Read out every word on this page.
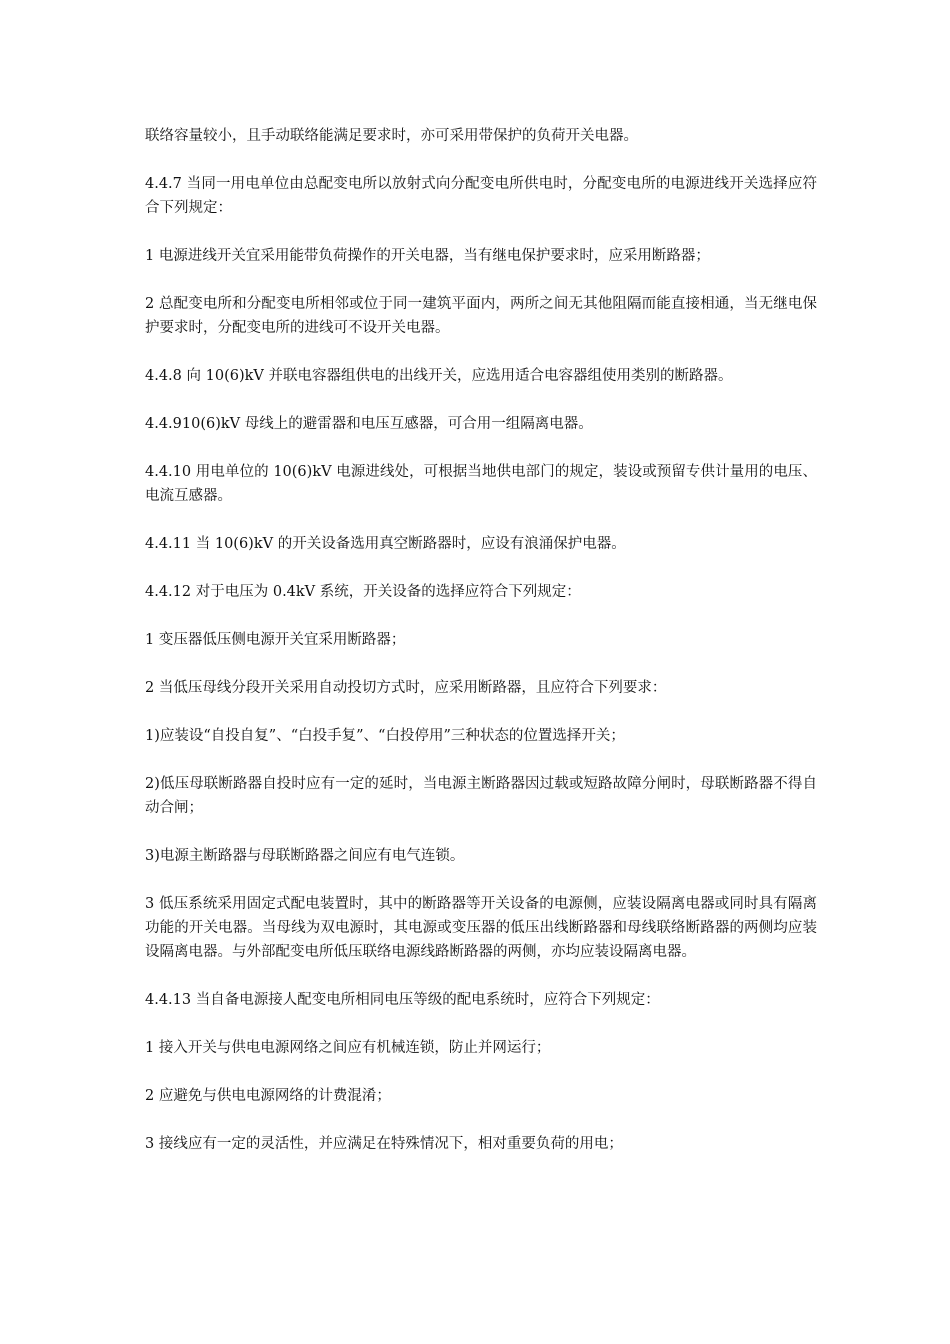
联络容量较小，且手动联络能满足要求时，亦可采用带保护的负荷开关电器。

4.4.7 当同一用电单位由总配变电所以放射式向分配变电所供电时，分配变电所的电源进线开关选择应符合下列规定：

1 电源进线开关宜采用能带负荷操作的开关电器，当有继电保护要求时，应采用断路器；

2 总配变电所和分配变电所相邻或位于同一建筑平面内，两所之间无其他阻隔而能直接相通，当无继电保护要求时，分配变电所的进线可不设开关电器。

4.4.8 向 10(6)kV 并联电容器组供电的出线开关，应选用适合电容器组使用类别的断路器。

4.4.910(6)kV 母线上的避雷器和电压互感器，可合用一组隔离电器。

4.4.10 用电单位的 10(6)kV 电源进线处，可根据当地供电部门的规定，装设或预留专供计量用的电压、电流互感器。

4.4.11 当 10(6)kV 的开关设备选用真空断路器时，应设有浪涌保护电器。

4.4.12 对于电压为 0.4kV 系统，开关设备的选择应符合下列规定：

1 变压器低压侧电源开关宜采用断路器；

2 当低压母线分段开关采用自动投切方式时，应采用断路器，且应符合下列要求：

1)应装设“自投自复”、“白投手复”、“白投停用”三种状态的位置选择开关；

2)低压母联断路器自投时应有一定的延时，当电源主断路器因过载或短路故障分闸时，母联断路器不得自动合闸；

3)电源主断路器与母联断路器之间应有电气连锁。

3 低压系统采用固定式配电装置时，其中的断路器等开关设备的电源侧，应装设隔离电器或同时具有隔离功能的开关电器。当母线为双电源时，其电源或变压器的低压出线断路器和母线联络断路器的两侧均应装设隔离电器。与外部配变电所低压联络电源线路断路器的两侧，亦均应装设隔离电器。

4.4.13 当自备电源接人配变电所相同电压等级的配电系统时，应符合下列规定：

1 接入开关与供电电源网络之间应有机械连锁，防止并网运行；

2 应避免与供电电源网络的计费混淆；

3 接线应有一定的灵活性，并应满足在特殊情况下，相对重要负荷的用电；
